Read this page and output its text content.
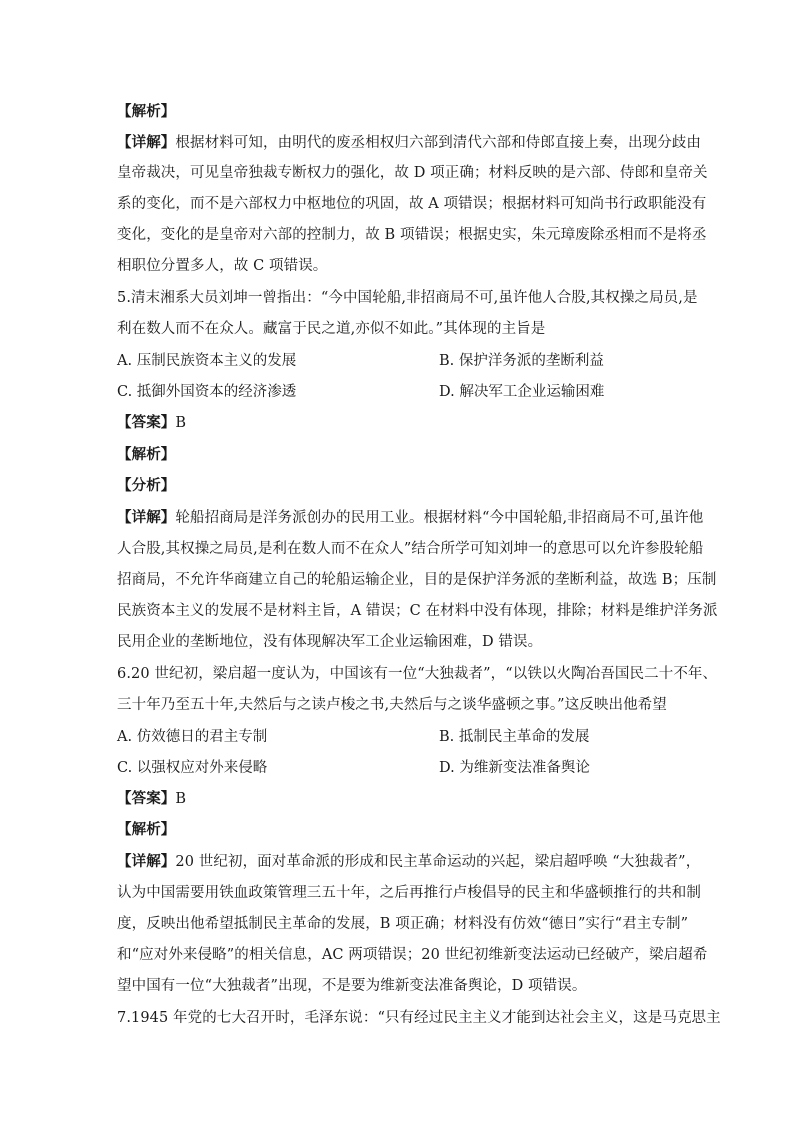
【解析】
【详解】根据材料可知，由明代的废丞相权归六部到清代六部和侍郎直接上奏，出现分歧由
皇帝裁决，可见皇帝独裁专断权力的强化，故 D 项正确；材料反映的是六部、侍郎和皇帝关
系的变化，而不是六部权力中枢地位的巩固，故 A 项错误；根据材料可知尚书行政职能没有
变化，变化的是皇帝对六部的控制力，故 B 项错误；根据史实，朱元璋废除丞相而不是将丞
相职位分置多人，故 C 项错误。
5.清末湘系大员刘坤一曾指出：“今中国轮船,非招商局不可,虽许他人合股,其权操之局员,是
利在数人而不在众人。藏富于民之道,亦似不如此。”其体现的主旨是
A. 压制民族资本主义的发展	B. 保护洋务派的垄断利益
C. 抵御外国资本的经济渗透	D. 解决军工企业运输困难
【答案】B
【解析】
【分析】
【详解】轮船招商局是洋务派创办的民用工业。根据材料“今中国轮船,非招商局不可,虽许他
人合股,其权操之局员,是利在数人而不在众人”结合所学可知刘坤一的意思可以允许参股轮船
招商局，不允许华商建立自己的轮船运输企业，目的是保护洋务派的垄断利益，故选 B；压制
民族资本主义的发展不是材料主旨，A 错误；C 在材料中没有体现，排除；材料是维护洋务派
民用企业的垄断地位，没有体现解决军工企业运输困难，D 错误。
6.20 世纪初，梁启超一度认为，中国该有一位“大独裁者”，“以铁以火陶冶吾国民二十不年、
三十年乃至五十年,夫然后与之读卢梭之书,夫然后与之谈华盛顿之事。”这反映出他希望
A. 仿效德日的君主专制	B. 抵制民主革命的发展
C. 以强权应对外来侵略	D. 为维新变法准备舆论
【答案】B
【解析】
【详解】20 世纪初，面对革命派的形成和民主革命运动的兴起，梁启超呼唤 “大独裁者”，
认为中国需要用铁血政策管理三五十年，之后再推行卢梭倡导的民主和华盛顿推行的共和制
度，反映出他希望抵制民主革命的发展，B 项正确；材料没有仿效“德日”实行“君主专制”
和“应对外来侵略”的相关信息，AC 两项错误；20 世纪初维新变法运动已经破产，梁启超希
望中国有一位“大独裁者”出现，不是要为维新变法准备舆论，D 项错误。
7.1945 年党的七大召开时，毛泽东说：“只有经过民主主义才能到达社会主义，这是马克思主
